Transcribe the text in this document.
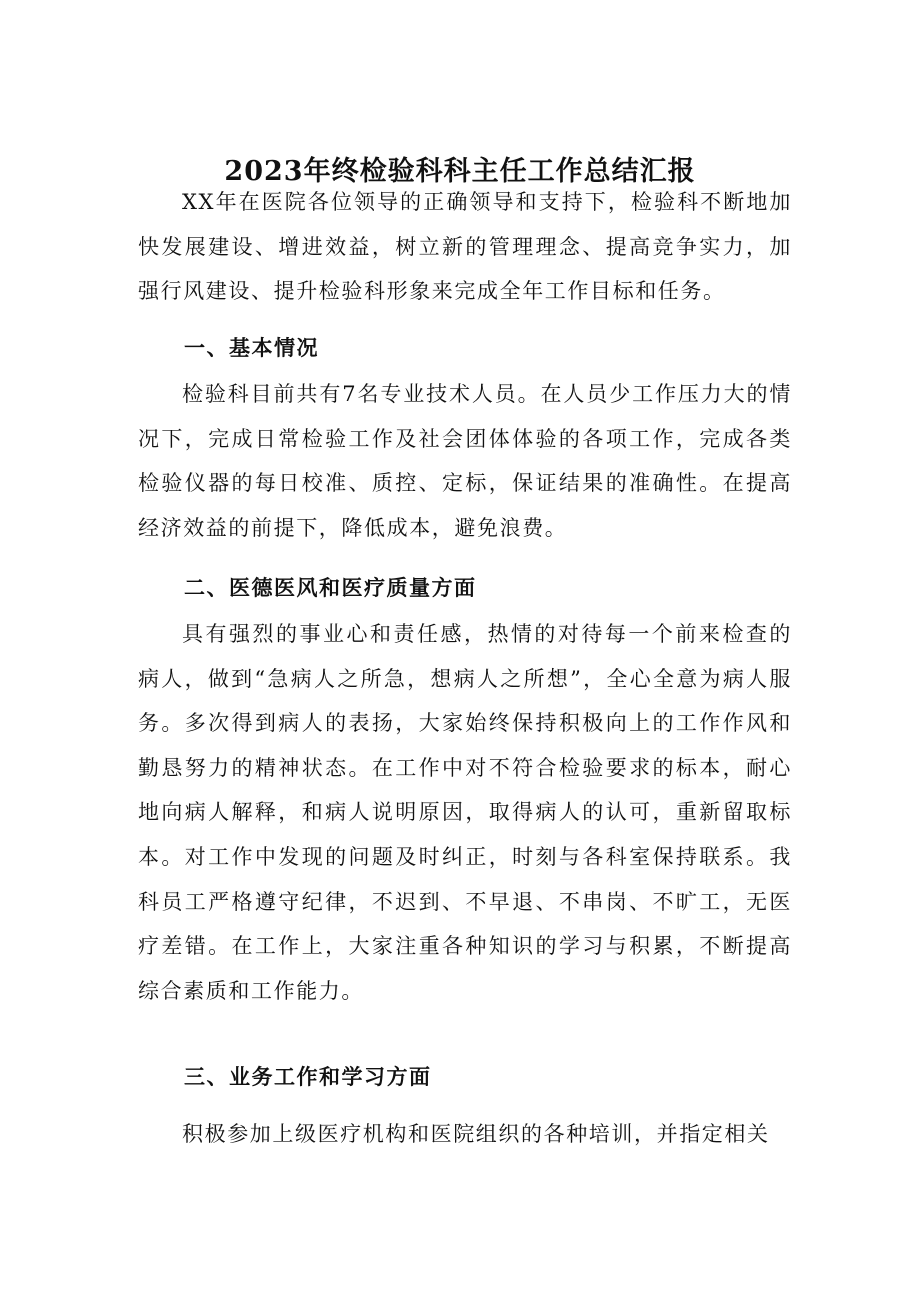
2023年终检验科科主任工作总结汇报

XX年在医院各位领导的正确领导和支持下，检验科不断地加快发展建设、增进效益，树立新的管理理念、提高竞争实力，加强行风建设、提升检验科形象来完成全年工作目标和任务。

一、基本情况

检验科目前共有7名专业技术人员。在人员少工作压力大的情况下，完成日常检验工作及社会团体体验的各项工作，完成各类检验仪器的每日校准、质控、定标，保证结果的准确性。在提高经济效益的前提下，降低成本，避免浪费。

二、医德医风和医疗质量方面

具有强烈的事业心和责任感，热情的对待每一个前来检查的病人，做到“急病人之所急，想病人之所想”，全心全意为病人服务。多次得到病人的表扬，大家始终保持积极向上的工作作风和勤恳努力的精神状态。在工作中对不符合检验要求的标本，耐心地向病人解释，和病人说明原因，取得病人的认可，重新留取标本。对工作中发现的问题及时纠正，时刻与各科室保持联系。我科员工严格遵守纪律，不迟到、不早退、不串岗、不旷工，无医疗差错。在工作上，大家注重各种知识的学习与积累，不断提高综合素质和工作能力。

三、业务工作和学习方面

积极参加上级医疗机构和医院组织的各种培训，并指定相关
